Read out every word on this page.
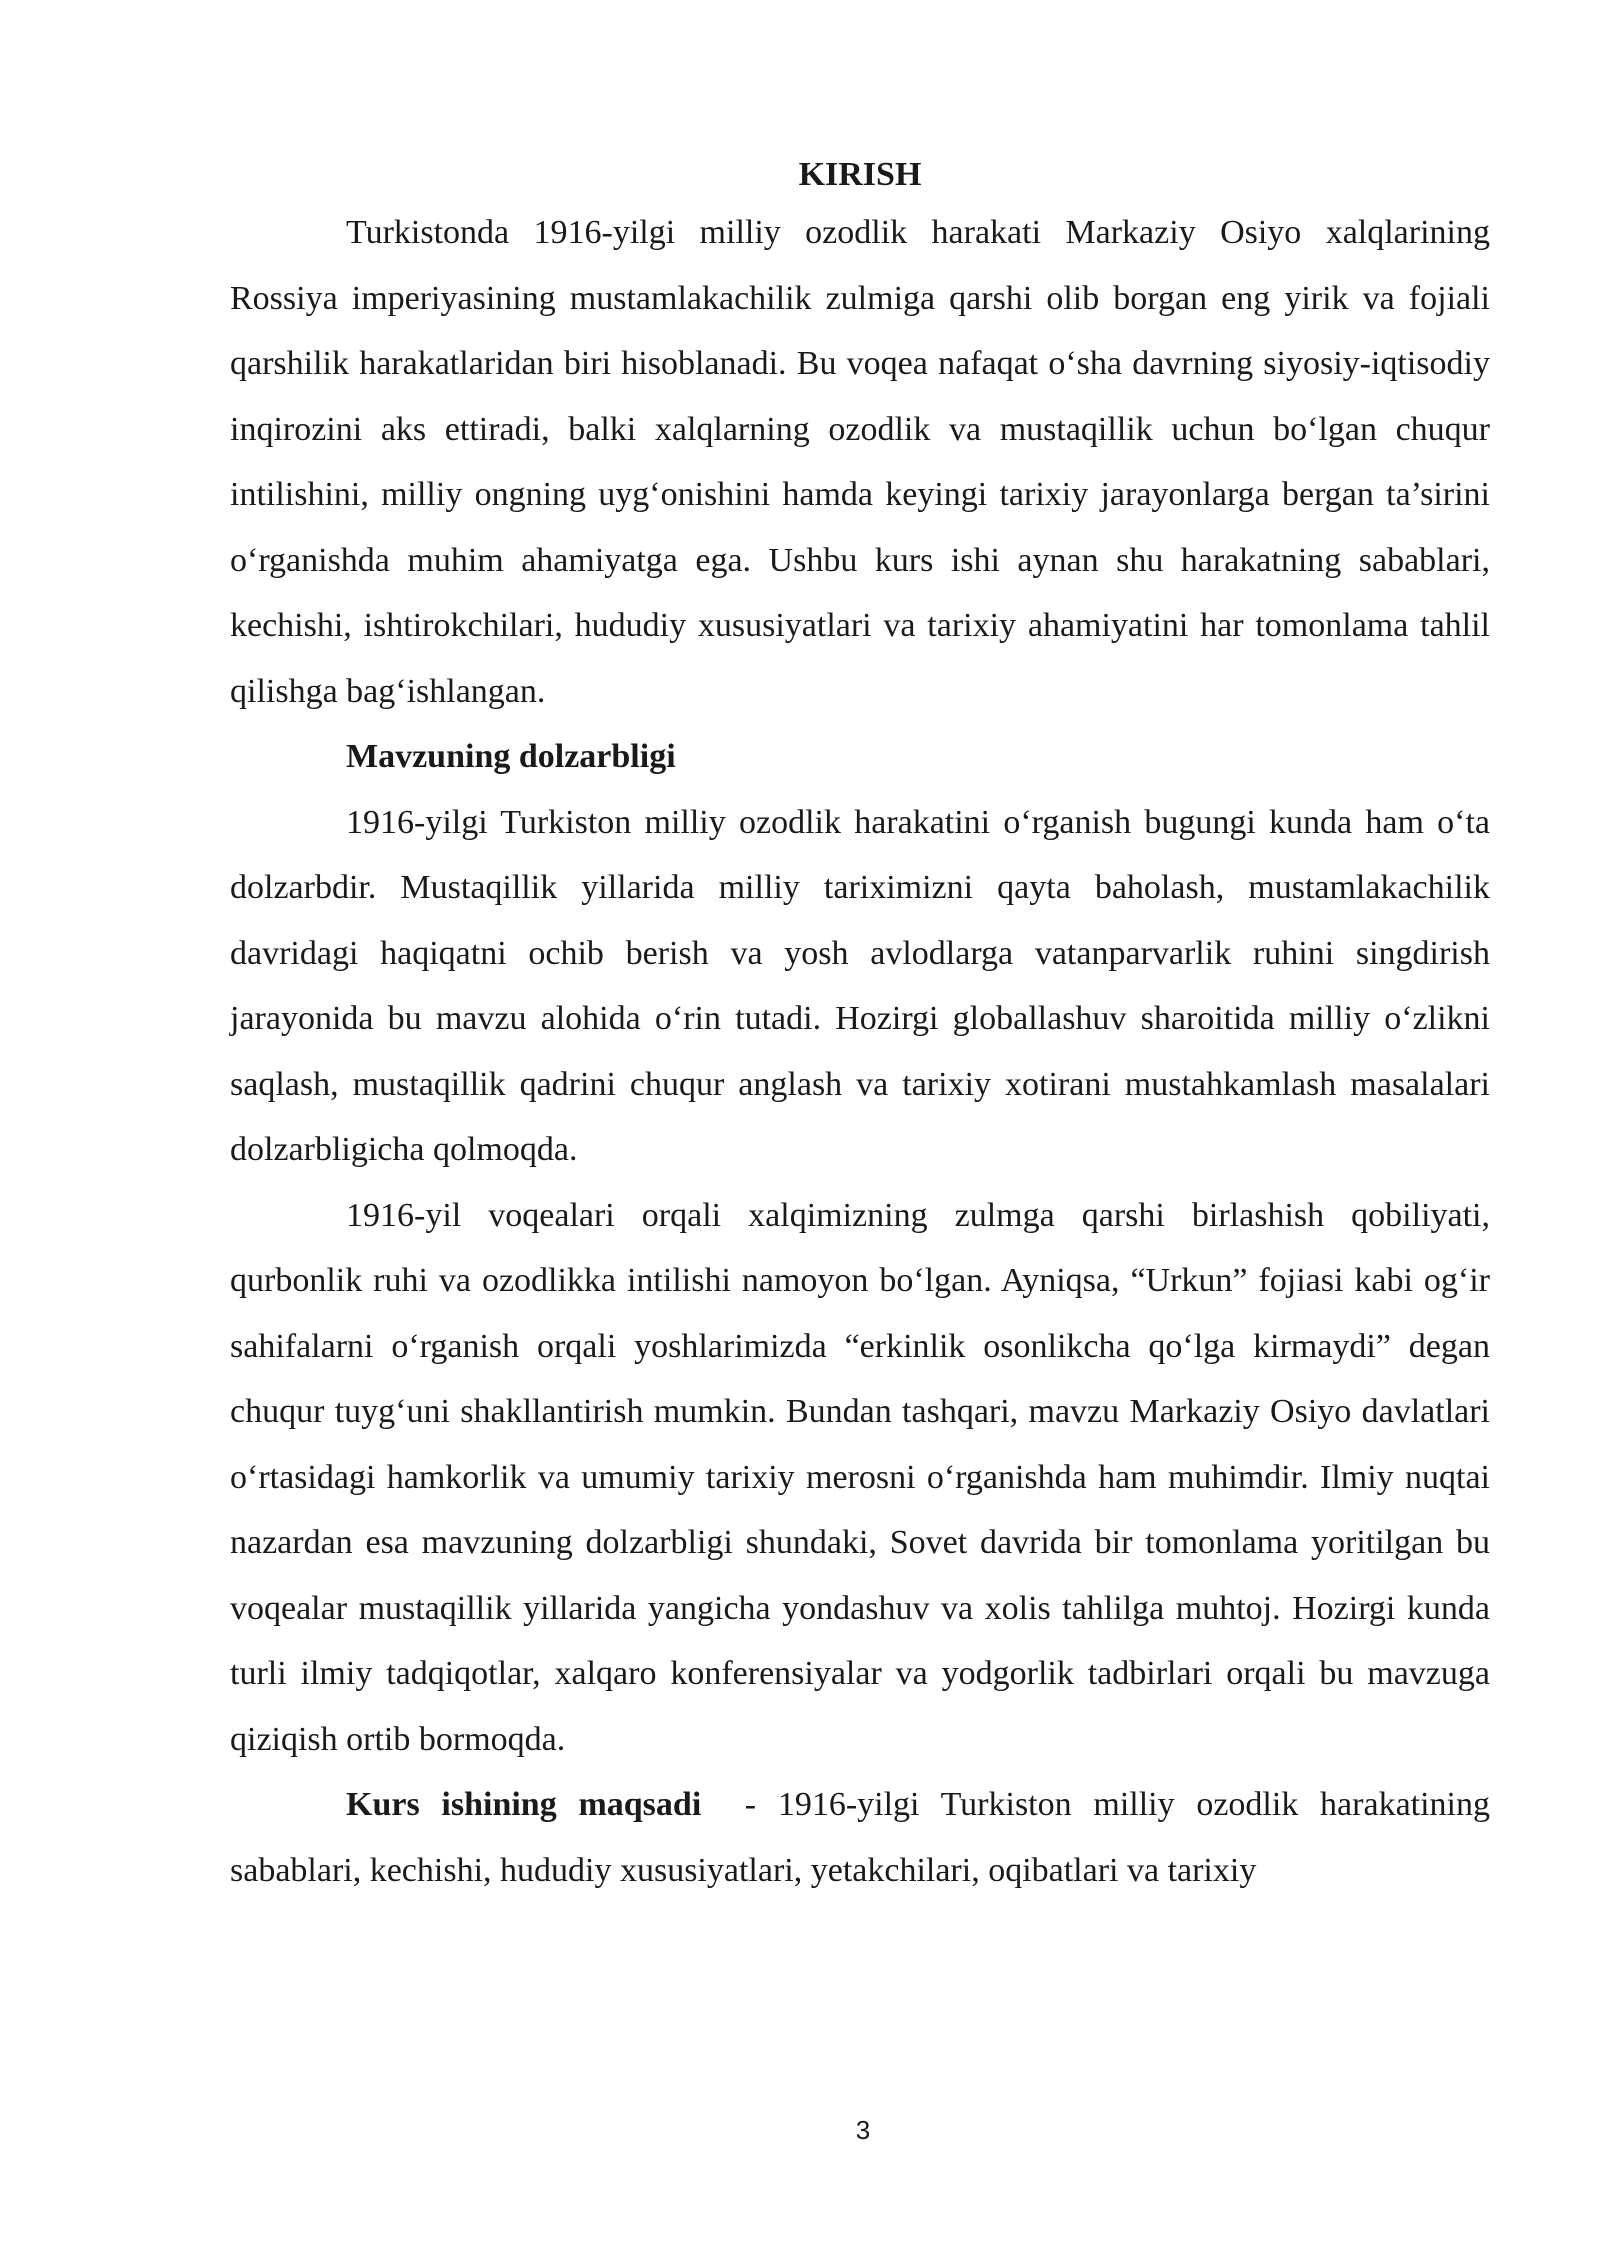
KIRISH

Turkistonda 1916-yilgi milliy ozodlik harakati Markaziy Osiyo xalqlarining Rossiya imperiyasining mustamlakachilik zulmiga qarshi olib borgan eng yirik va fojiali qarshilik harakatlaridan biri hisoblanadi. Bu voqea nafaqat o‘sha davrning siyosiy-iqtisodiy inqirozini aks ettiradi, balki xalqlarning ozodlik va mustaqillik uchun bo‘lgan chuqur intilishini, milliy ongning uyg‘onishini hamda keyingi tarixiy jarayonlarga bergan ta’sirini o‘rganishda muhim ahamiyatga ega. Ushbu kurs ishi aynan shu harakatning sabablari, kechishi, ishtirokchilari, hududiy xususiyatlari va tarixiy ahamiyatini har tomonlama tahlil qilishga bag‘ishlangan.

Mavzuning dolzarbligi

1916-yilgi Turkiston milliy ozodlik harakatini o‘rganish bugungi kunda ham o‘ta dolzarbdir. Mustaqillik yillarida milliy tariximizni qayta baholash, mustamlakachilik davridagi haqiqatni ochib berish va yosh avlodlarga vatanparvarlik ruhini singdirish jarayonida bu mavzu alohida o‘rin tutadi. Hozirgi globallashuv sharoitida milliy o‘zlikni saqlash, mustaqillik qadrini chuqur anglash va tarixiy xotirani mustahkamlash masalalari dolzarbligicha qolmoqda.

1916-yil voqealari orqali xalqimizning zulmga qarshi birlashish qobiliyati, qurbonlik ruhi va ozodlikka intilishi namoyon bo‘lgan. Ayniqsa, “Urkun” fojiasi kabi og‘ir sahifalarni o‘rganish orqali yoshlarimizda “erkinlik osonlikcha qo‘lga kirmaydi” degan chuqur tuyg‘uni shakllantirish mumkin. Bundan tashqari, mavzu Markaziy Osiyo davlatlari o‘rtasidagi hamkorlik va umumiy tarixiy merosni o‘rganishda ham muhimdir. Ilmiy nuqtai nazardan esa mavzuning dolzarbligi shundaki, Sovet davrida bir tomonlama yoritilgan bu voqealar mustaqillik yillarida yangicha yondashuv va xolis tahlilga muhtoj. Hozirgi kunda turli ilmiy tadqiqotlar, xalqaro konferensiyalar va yodgorlik tadbirlari orqali bu mavzuga qiziqish ortib bormoqda.

Kurs ishining maqsadi  - 1916-yilgi Turkiston milliy ozodlik harakatining sabablari, kechishi, hududiy xususiyatlari, yetakchilari, oqibatlari va tarixiy

3
